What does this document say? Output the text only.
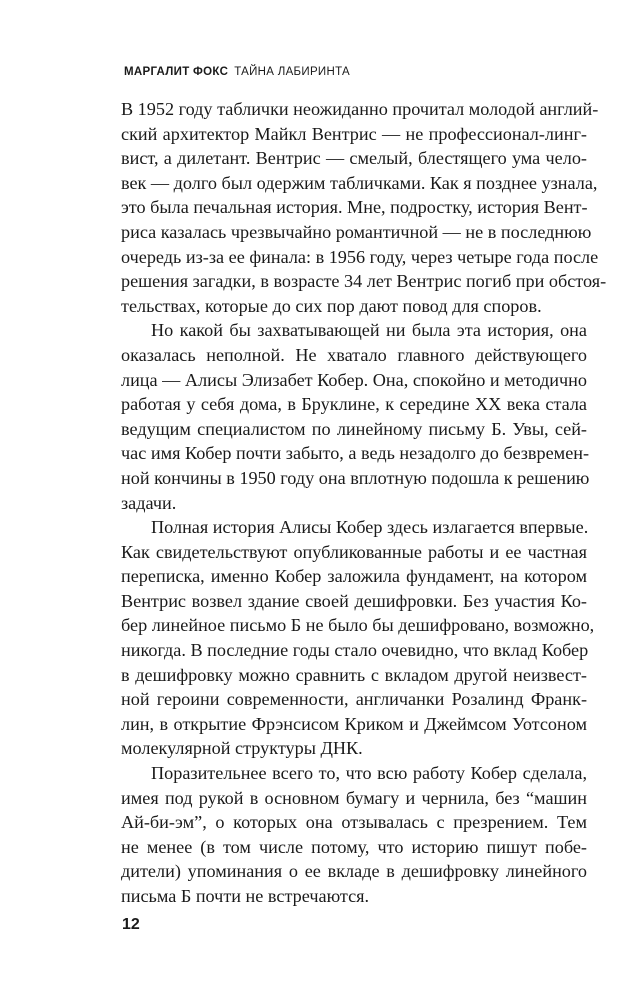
МАРГАЛИТ ФОКС ТАЙНА ЛАБИРИНТА
В 1952 году таблички неожиданно прочитал молодой англий-
ский архитектор Майкл Вентрис — не профессионал-линг-
вист, а дилетант. Вентрис — смелый, блестящего ума чело-
век — долго был одержим табличками. Как я позднее узнала,
это была печальная история. Мне, подростку, история Вент-
риса казалась чрезвычайно романтичной — не в последнюю
очередь из-за ее финала: в 1956 году, через четыре года после
решения загадки, в возрасте 34 лет Вентрис погиб при обстоя-
тельствах, которые до сих пор дают повод для споров.
Но какой бы захватывающей ни была эта история, она
оказалась неполной. Не хватало главного действующего
лица — Алисы Элизабет Кобер. Она, спокойно и методично
работая у себя дома, в Бруклине, к середине XX века стала
ведущим специалистом по линейному письму Б. Увы, сей-
час имя Кобер почти забыто, а ведь незадолго до безвремен-
ной кончины в 1950 году она вплотную подошла к решению
задачи.
Полная история Алисы Кобер здесь излагается впервые.
Как свидетельствуют опубликованные работы и ее частная
переписка, именно Кобер заложила фундамент, на котором
Вентрис возвел здание своей дешифровки. Без участия Ко-
бер линейное письмо Б не было бы дешифровано, возможно,
никогда. В последние годы стало очевидно, что вклад Кобер
в дешифровку можно сравнить с вкладом другой неизвест-
ной героини современности, англичанки Розалинд Франк-
лин, в открытие Фрэнсисом Криком и Джеймсом Уотсоном
молекулярной структуры ДНК.
Поразительнее всего то, что всю работу Кобер сделала,
имея под рукой в основном бумагу и чернила, без “машин
Ай-би-эм”, о которых она отзывалась с презрением. Тем
не менее (в том числе потому, что историю пишут побе-
дители) упоминания о ее вкладе в дешифровку линейного
письма Б почти не встречаются.
12
